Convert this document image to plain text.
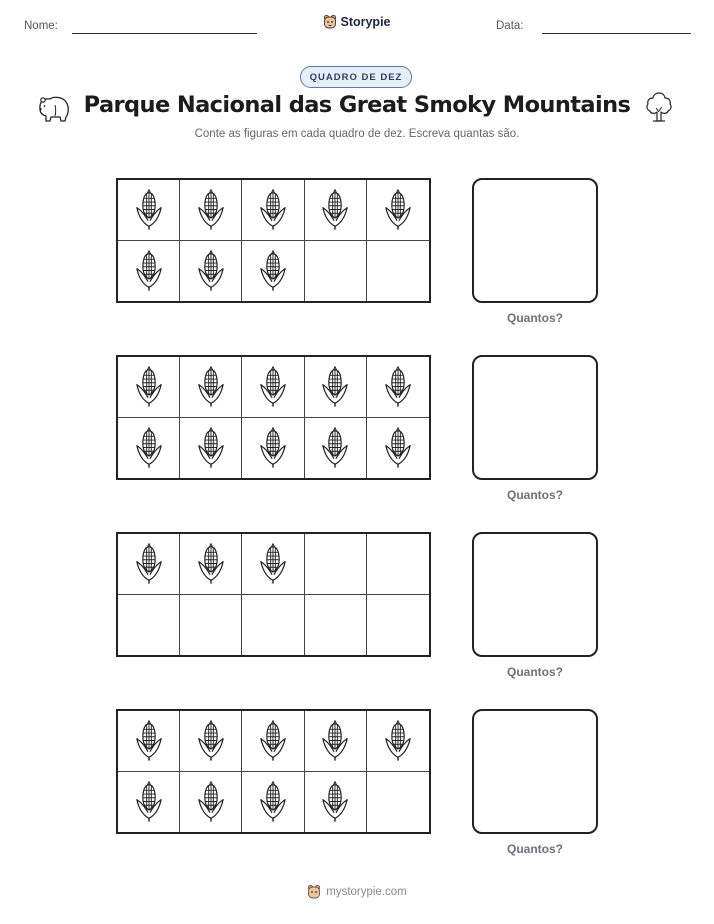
Nome:	Storypie	Data:
QUADRO DE DEZ
Parque Nacional das Great Smoky Mountains
Conte as figuras em cada quadro de dez. Escreva quantas são.
Quantos?
Quantos?
Quantos?
Quantos?
mystorypie.com
